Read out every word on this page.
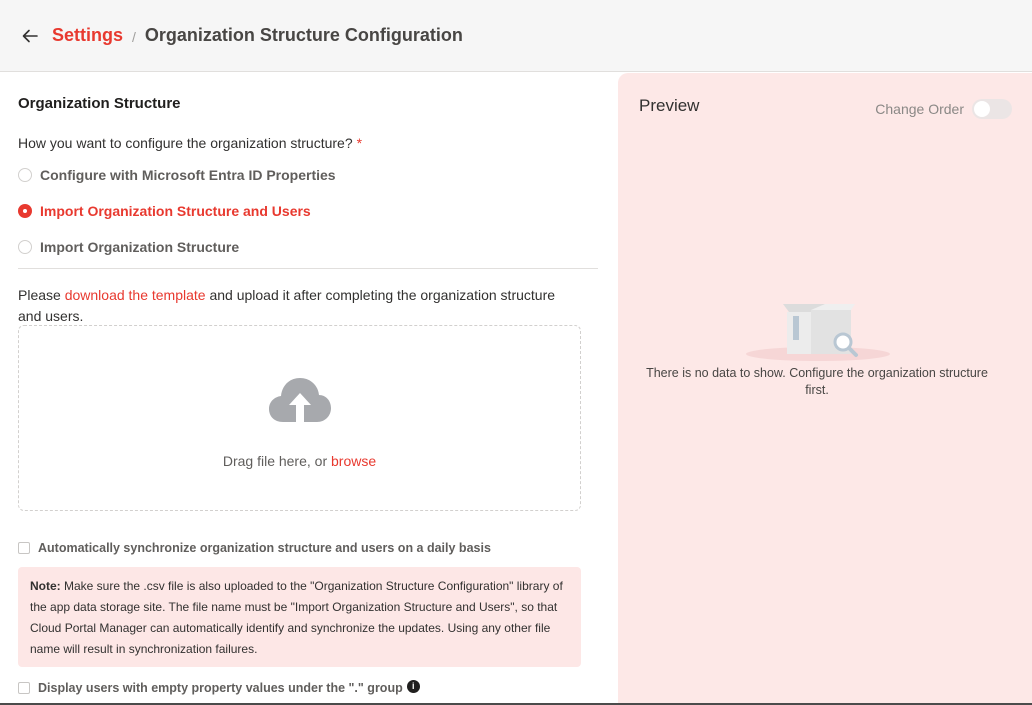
Settings / Organization Structure Configuration
Organization Structure
How you want to configure the organization structure? *
Configure with Microsoft Entra ID Properties
Import Organization Structure and Users
Import Organization Structure
Please download the template and upload it after completing the organization structure and users.
Drag file here, or browse
Automatically synchronize organization structure and users on a daily basis
Note: Make sure the .csv file is also uploaded to the "Organization Structure Configuration" library of the app data storage site. The file name must be "Import Organization Structure and Users", so that Cloud Portal Manager can automatically identify and synchronize the updates. Using any other file name will result in synchronization failures.
Display users with empty property values under the "." group	i
Preview	Change Order
There is no data to show. Configure the organization structure first.
